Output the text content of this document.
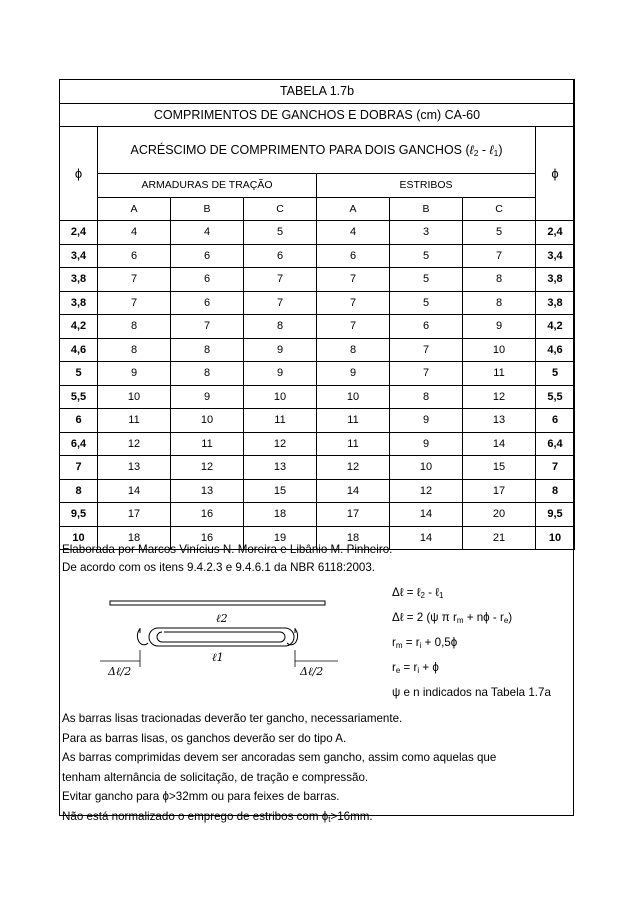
TABELA 1.7b							
COMPRIMENTOS DE GANCHOS E DOBRAS (cm) CA-60							
ϕ	ACRÉSCIMO DE COMPRIMENTO PARA DOIS GANCHOS (ℓ$_2$ - ℓ$_1$)						ϕ
	ARMADURAS DE TRAÇÃO			ESTRIBOS			
	A	B	C	A	B	C	
2,4	4	4	5	4	3	5	2,4
3,4	6	6	6	6	5	7	3,4
3,8	7	6	7	7	5	8	3,8
3,8	7	6	7	7	5	8	3,8
4,2	8	7	8	7	6	9	4,2
4,6	8	8	9	8	7	10	4,6
5	9	8	9	9	7	11	5
5,5	10	9	10	10	8	12	5,5
6	11	10	11	11	9	13	6
6,4	12	11	12	11	9	14	6,4
7	13	12	13	12	10	15	7
8	14	13	15	14	12	17	8
9,5	17	16	18	17	14	20	9,5
10	18	16	19	18	14	21	10
Elaborada por Marcos Vinícius N. Moreira e Libânio M. Pinheiro.
De acordo com os itens 9.4.2.3 e 9.4.6.1 da NBR 6118:2003.
ℓ2
ℓ1
Δℓ/2	Δℓ/2
Δℓ = ℓ2 - ℓ1
Δℓ = 2 (ψ π rm + nϕ - re)
rm = ri + 0,5ϕ
re = ri + ϕ
ψ e n indicados na Tabela 1.7a
As barras lisas tracionadas deverão ter gancho, necessariamente.
Para as barras lisas, os ganchos deverão ser do tipo A.
As barras comprimidas devem ser ancoradas sem gancho, assim como aquelas que
tenham alternância de solicitação, de tração e compressão.
Evitar gancho para ϕ>32mm ou para feixes de barras.
Não está normalizado o emprego de estribos com ϕt>16mm.
